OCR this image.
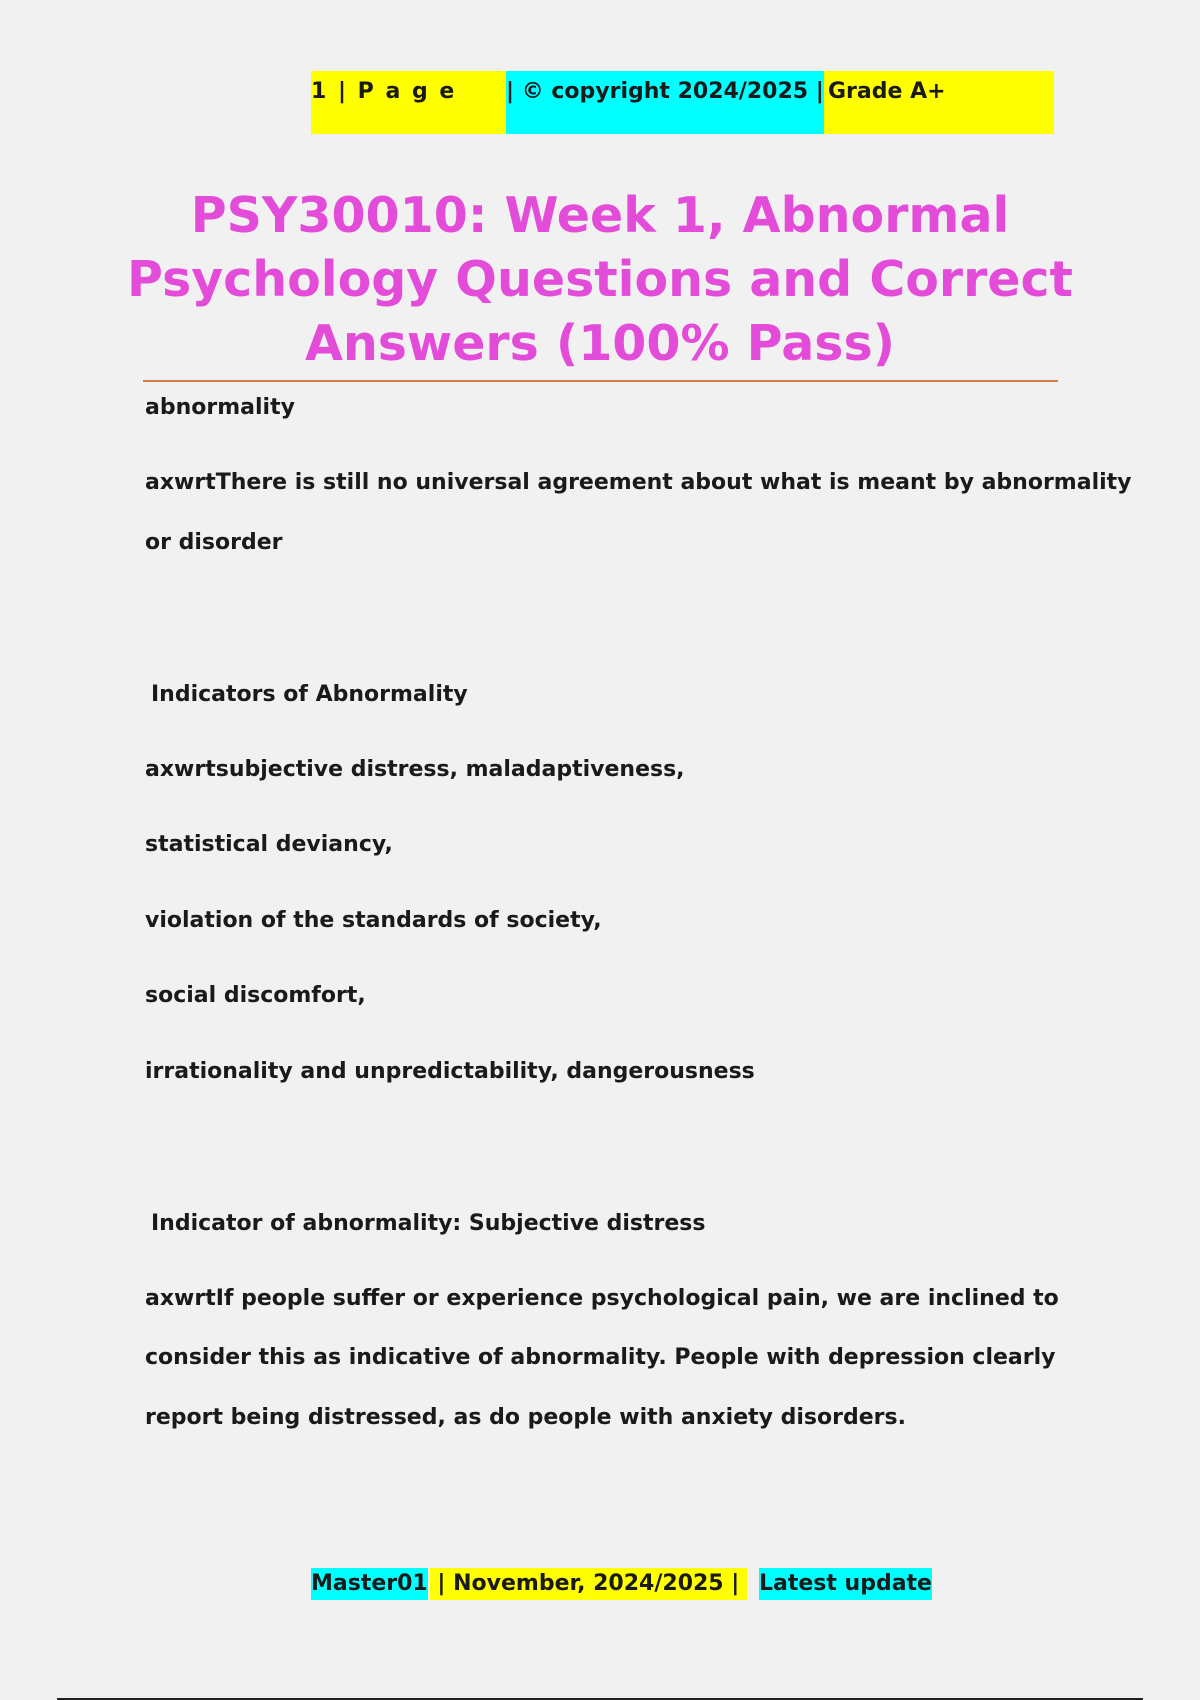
1 | P a g e	| © copyright 2024/2025 | Grade A+
PSY30010: Week 1, Abnormal
Psychology Questions and Correct
Answers (100% Pass)
abnormality
axwrtThere is still no universal agreement about what is meant by abnormality
or disorder
Indicators of Abnormality
axwrtsubjective distress, maladaptiveness,
statistical deviancy,
violation of the standards of society,
social discomfort,
irrationality and unpredictability, dangerousness
Indicator of abnormality: Subjective distress
axwrtIf people suffer or experience psychological pain, we are inclined to
consider this as indicative of abnormality. People with depression clearly
report being distressed, as do people with anxiety disorders.
Master01 | November, 2024/2025 | Latest update
